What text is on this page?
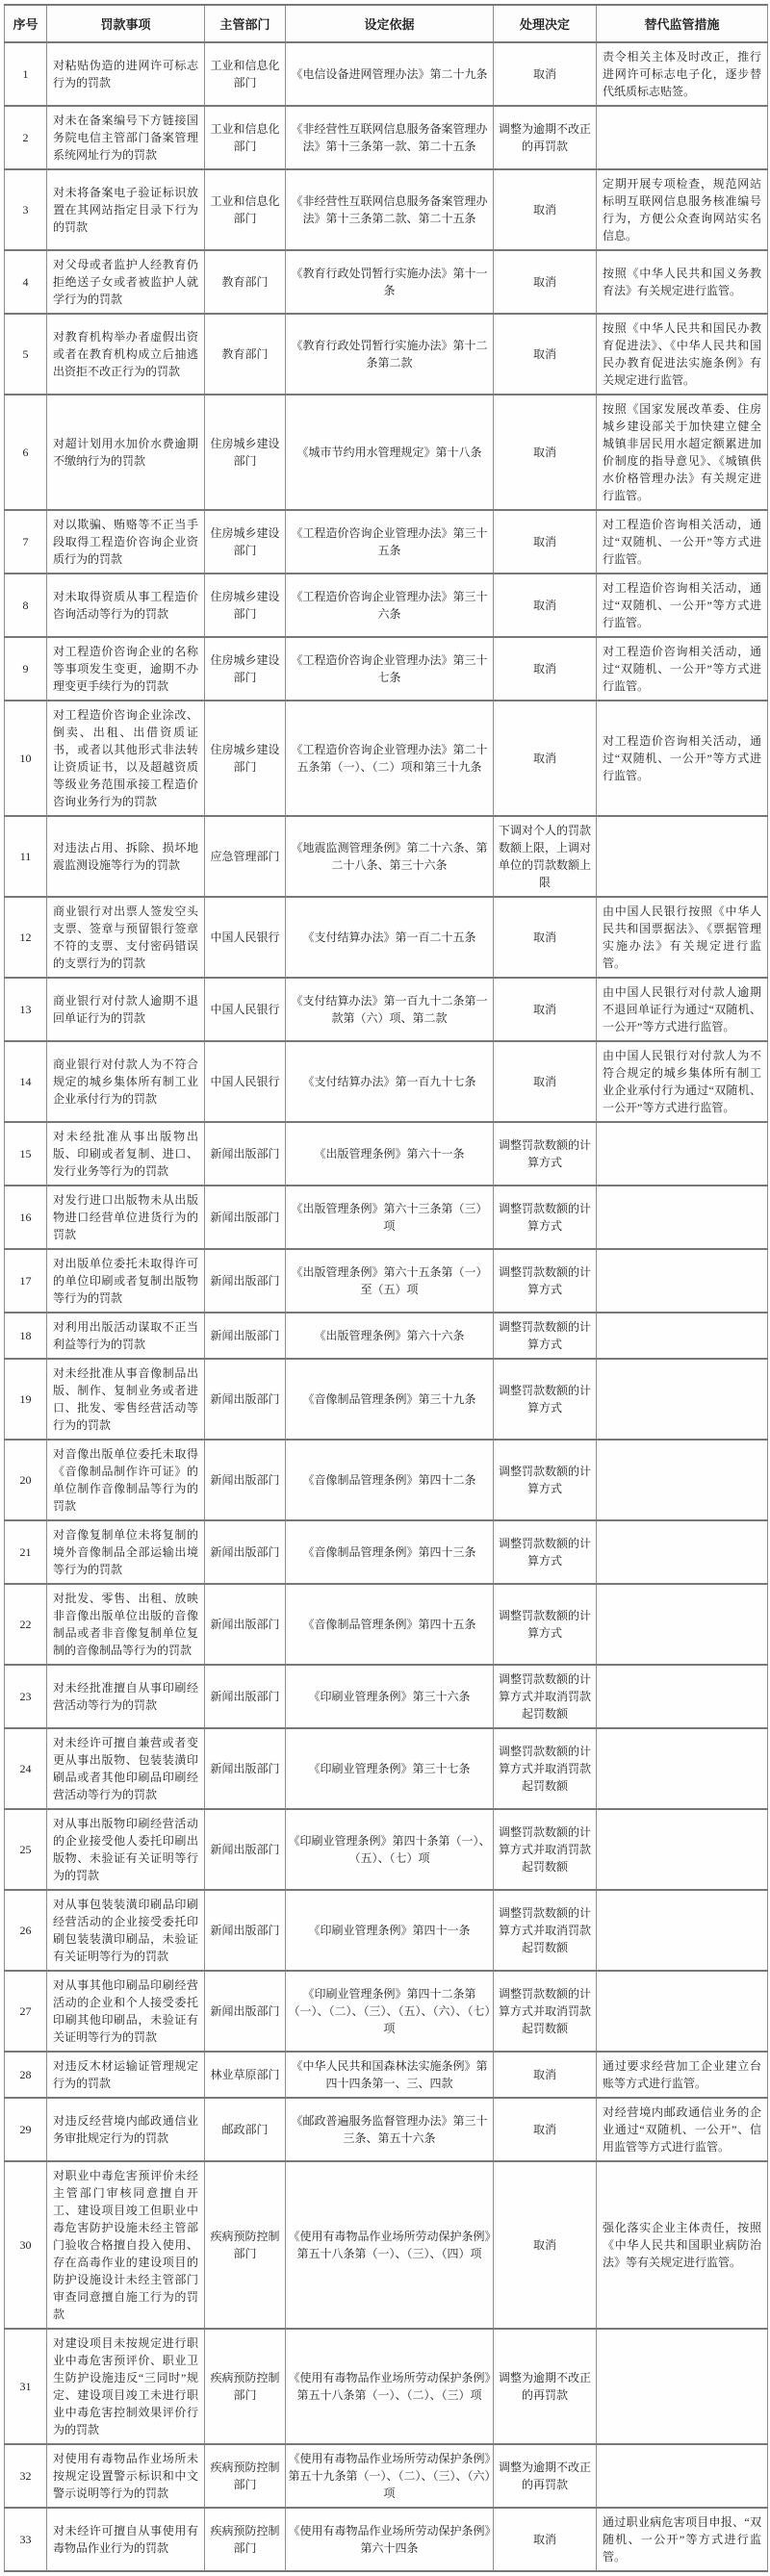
序号	罚款事项	主管部门	设定依据	处理决定	替代监管措施
1	对粘贴伪造的进网许可标志行为的罚款	工业和信息化部门	《电信设备进网管理办法》第二十九条	取消	责令相关主体及时改正，推行进网许可标志电子化，逐步替代纸质标志贴签。
2	对未在备案编号下方链接国务院电信主管部门备案管理系统网址行为的罚款	工业和信息化部门	《非经营性互联网信息服务备案管理办法》第十三条第一款、第二十五条	调整为逾期不改正的再罚款	
3	对未将备案电子验证标识放置在其网站指定目录下行为的罚款	工业和信息化部门	《非经营性互联网信息服务备案管理办法》第十三条第二款、第二十五条	取消	定期开展专项检查，规范网站标明互联网信息服务核准编号行为，方便公众查询网站实名信息。
4	对父母或者监护人经教育仍拒绝送子女或者被监护人就学行为的罚款	教育部门	《教育行政处罚暂行实施办法》第十一条	取消	按照《中华人民共和国义务教育法》有关规定进行监管。
5	对教育机构举办者虚假出资或者在教育机构成立后抽逃出资拒不改正行为的罚款	教育部门	《教育行政处罚暂行实施办法》第十二条第二款	取消	按照《中华人民共和国民办教育促进法》、《中华人民共和国民办教育促进法实施条例》有关规定进行监管。
6	对超计划用水加价水费逾期不缴纳行为的罚款	住房城乡建设部门	《城市节约用水管理规定》第十八条	取消	按照《国家发展改革委、住房城乡建设部关于加快建立健全城镇非居民用水超定额累进加价制度的指导意见》、《城镇供水价格管理办法》有关规定进行监管。
7	对以欺骗、贿赂等不正当手段取得工程造价咨询企业资质行为的罚款	住房城乡建设部门	《工程造价咨询企业管理办法》第三十五条	取消	对工程造价咨询相关活动，通过“双随机、一公开”等方式进行监管。
8	对未取得资质从事工程造价咨询活动等行为的罚款	住房城乡建设部门	《工程造价咨询企业管理办法》第三十六条	取消	对工程造价咨询相关活动，通过“双随机、一公开”等方式进行监管。
9	对工程造价咨询企业的名称等事项发生变更，逾期不办理变更手续行为的罚款	住房城乡建设部门	《工程造价咨询企业管理办法》第三十七条	取消	对工程造价咨询相关活动，通过“双随机、一公开”等方式进行监管。
10	对工程造价咨询企业涂改、倒卖、出租、出借资质证书，或者以其他形式非法转让资质证书，以及超越资质等级业务范围承接工程造价咨询业务行为的罚款	住房城乡建设部门	《工程造价咨询企业管理办法》第二十五条第（一）、（二）项和第三十九条	取消	对工程造价咨询相关活动，通过“双随机、一公开”等方式进行监管。
11	对违法占用、拆除、损坏地震监测设施等行为的罚款	应急管理部门	《地震监测管理条例》第二十六条、第二十八条、第三十六条	下调对个人的罚款数额上限，上调对单位的罚款数额上限	
12	商业银行对出票人签发空头支票、签章与预留银行签章不符的支票、支付密码错误的支票行为的罚款	中国人民银行	《支付结算办法》第一百二十五条	取消	由中国人民银行按照《中华人民共和国票据法》、《票据管理实施办法》有关规定进行监管。
13	商业银行对付款人逾期不退回单证行为的罚款	中国人民银行	《支付结算办法》第一百九十二条第一款第（六）项、第二款	取消	由中国人民银行对付款人逾期不退回单证行为通过“双随机、一公开”等方式进行监管。
14	商业银行对付款人为不符合规定的城乡集体所有制工业企业承付行为的罚款	中国人民银行	《支付结算办法》第一百九十七条	取消	由中国人民银行对付款人为不符合规定的城乡集体所有制工业企业承付行为通过“双随机、一公开”等方式进行监管。
15	对未经批准从事出版物出版、印刷或者复制、进口、发行业务等行为的罚款	新闻出版部门	《出版管理条例》第六十一条	调整罚款数额的计算方式	
16	对发行进口出版物未从出版物进口经营单位进货行为的罚款	新闻出版部门	《出版管理条例》第六十三条第（三）项	调整罚款数额的计算方式	
17	对出版单位委托未取得许可的单位印刷或者复制出版物等行为的罚款	新闻出版部门	《出版管理条例》第六十五条第（一）至（五）项	调整罚款数额的计算方式	
18	对利用出版活动谋取不正当利益等行为的罚款	新闻出版部门	《出版管理条例》第六十六条	调整罚款数额的计算方式	
19	对未经批准从事音像制品出版、制作、复制业务或者进口、批发、零售经营活动等行为的罚款	新闻出版部门	《音像制品管理条例》第三十九条	调整罚款数额的计算方式	
20	对音像出版单位委托未取得《音像制品制作许可证》的单位制作音像制品等行为的罚款	新闻出版部门	《音像制品管理条例》第四十二条	调整罚款数额的计算方式	
21	对音像复制单位未将复制的境外音像制品全部运输出境等行为的罚款	新闻出版部门	《音像制品管理条例》第四十三条	调整罚款数额的计算方式	
22	对批发、零售、出租、放映非音像出版单位出版的音像制品或者非音像复制单位复制的音像制品等行为的罚款	新闻出版部门	《音像制品管理条例》第四十五条	调整罚款数额的计算方式	
23	对未经批准擅自从事印刷经营活动等行为的罚款	新闻出版部门	《印刷业管理条例》第三十六条	调整罚款数额的计算方式并取消罚款起罚数额	
24	对未经许可擅自兼营或者变更从事出版物、包装装潢印刷品或者其他印刷品印刷经营活动等行为的罚款	新闻出版部门	《印刷业管理条例》第三十七条	调整罚款数额的计算方式并取消罚款起罚数额	
25	对从事出版物印刷经营活动的企业接受他人委托印刷出版物、未验证有关证明等行为的罚款	新闻出版部门	《印刷业管理条例》第四十条第（一）、（五）、（七）项	调整罚款数额的计算方式并取消罚款起罚数额	
26	对从事包装装潢印刷品印刷经营活动的企业接受委托印刷包装装潢印刷品，未验证有关证明等行为的罚款	新闻出版部门	《印刷业管理条例》第四十一条	调整罚款数额的计算方式并取消罚款起罚数额	
27	对从事其他印刷品印刷经营活动的企业和个人接受委托印刷其他印刷品，未验证有关证明等行为的罚款	新闻出版部门	《印刷业管理条例》第四十二条第（一）、（二）、（三）、（五）、（六）、（七）项	调整罚款数额的计算方式并取消罚款起罚数额	
28	对违反木材运输证管理规定行为的罚款	林业草原部门	《中华人民共和国森林法实施条例》第四十四条第一、三、四款	取消	通过要求经营加工企业建立台账等方式进行监管。
29	对违反经营境内邮政通信业务审批规定行为的罚款	邮政部门	《邮政普遍服务监督管理办法》第三十三条、第五十六条	取消	对经营境内邮政通信业务的企业通过“双随机、一公开”、信用监管等方式进行监管。
30	对职业中毒危害预评价未经主管部门审核同意擅自开工、建设项目竣工但职业中毒危害防护设施未经主管部门验收合格擅自投入使用、存在高毒作业的建设项目的防护设施设计未经主管部门审查同意擅自施工行为的罚款	疾病预防控制部门	《使用有毒物品作业场所劳动保护条例》第五十八条第（一）、（三）、（四）项	取消	强化落实企业主体责任，按照《中华人民共和国职业病防治法》等有关规定进行监管。
31	对建设项目未按规定进行职业中毒危害预评价、职业卫生防护设施违反“三同时”规定、建设项目竣工未进行职业中毒危害控制效果评价行为的罚款	疾病预防控制部门	《使用有毒物品作业场所劳动保护条例》第五十八条第（一）、（二）、（三）项	调整为逾期不改正的再罚款	
32	对使用有毒物品作业场所未按规定设置警示标识和中文警示说明等行为的罚款	疾病预防控制部门	《使用有毒物品作业场所劳动保护条例》第五十九条第（一）、（二）、（三）、（六）项	调整为逾期不改正的再罚款	
33	对未经许可擅自从事使用有毒物品作业行为的罚款	疾病预防控制部门	《使用有毒物品作业场所劳动保护条例》第六十四条	取消	通过职业病危害项目申报、“双随机、一公开”等方式进行监管。
